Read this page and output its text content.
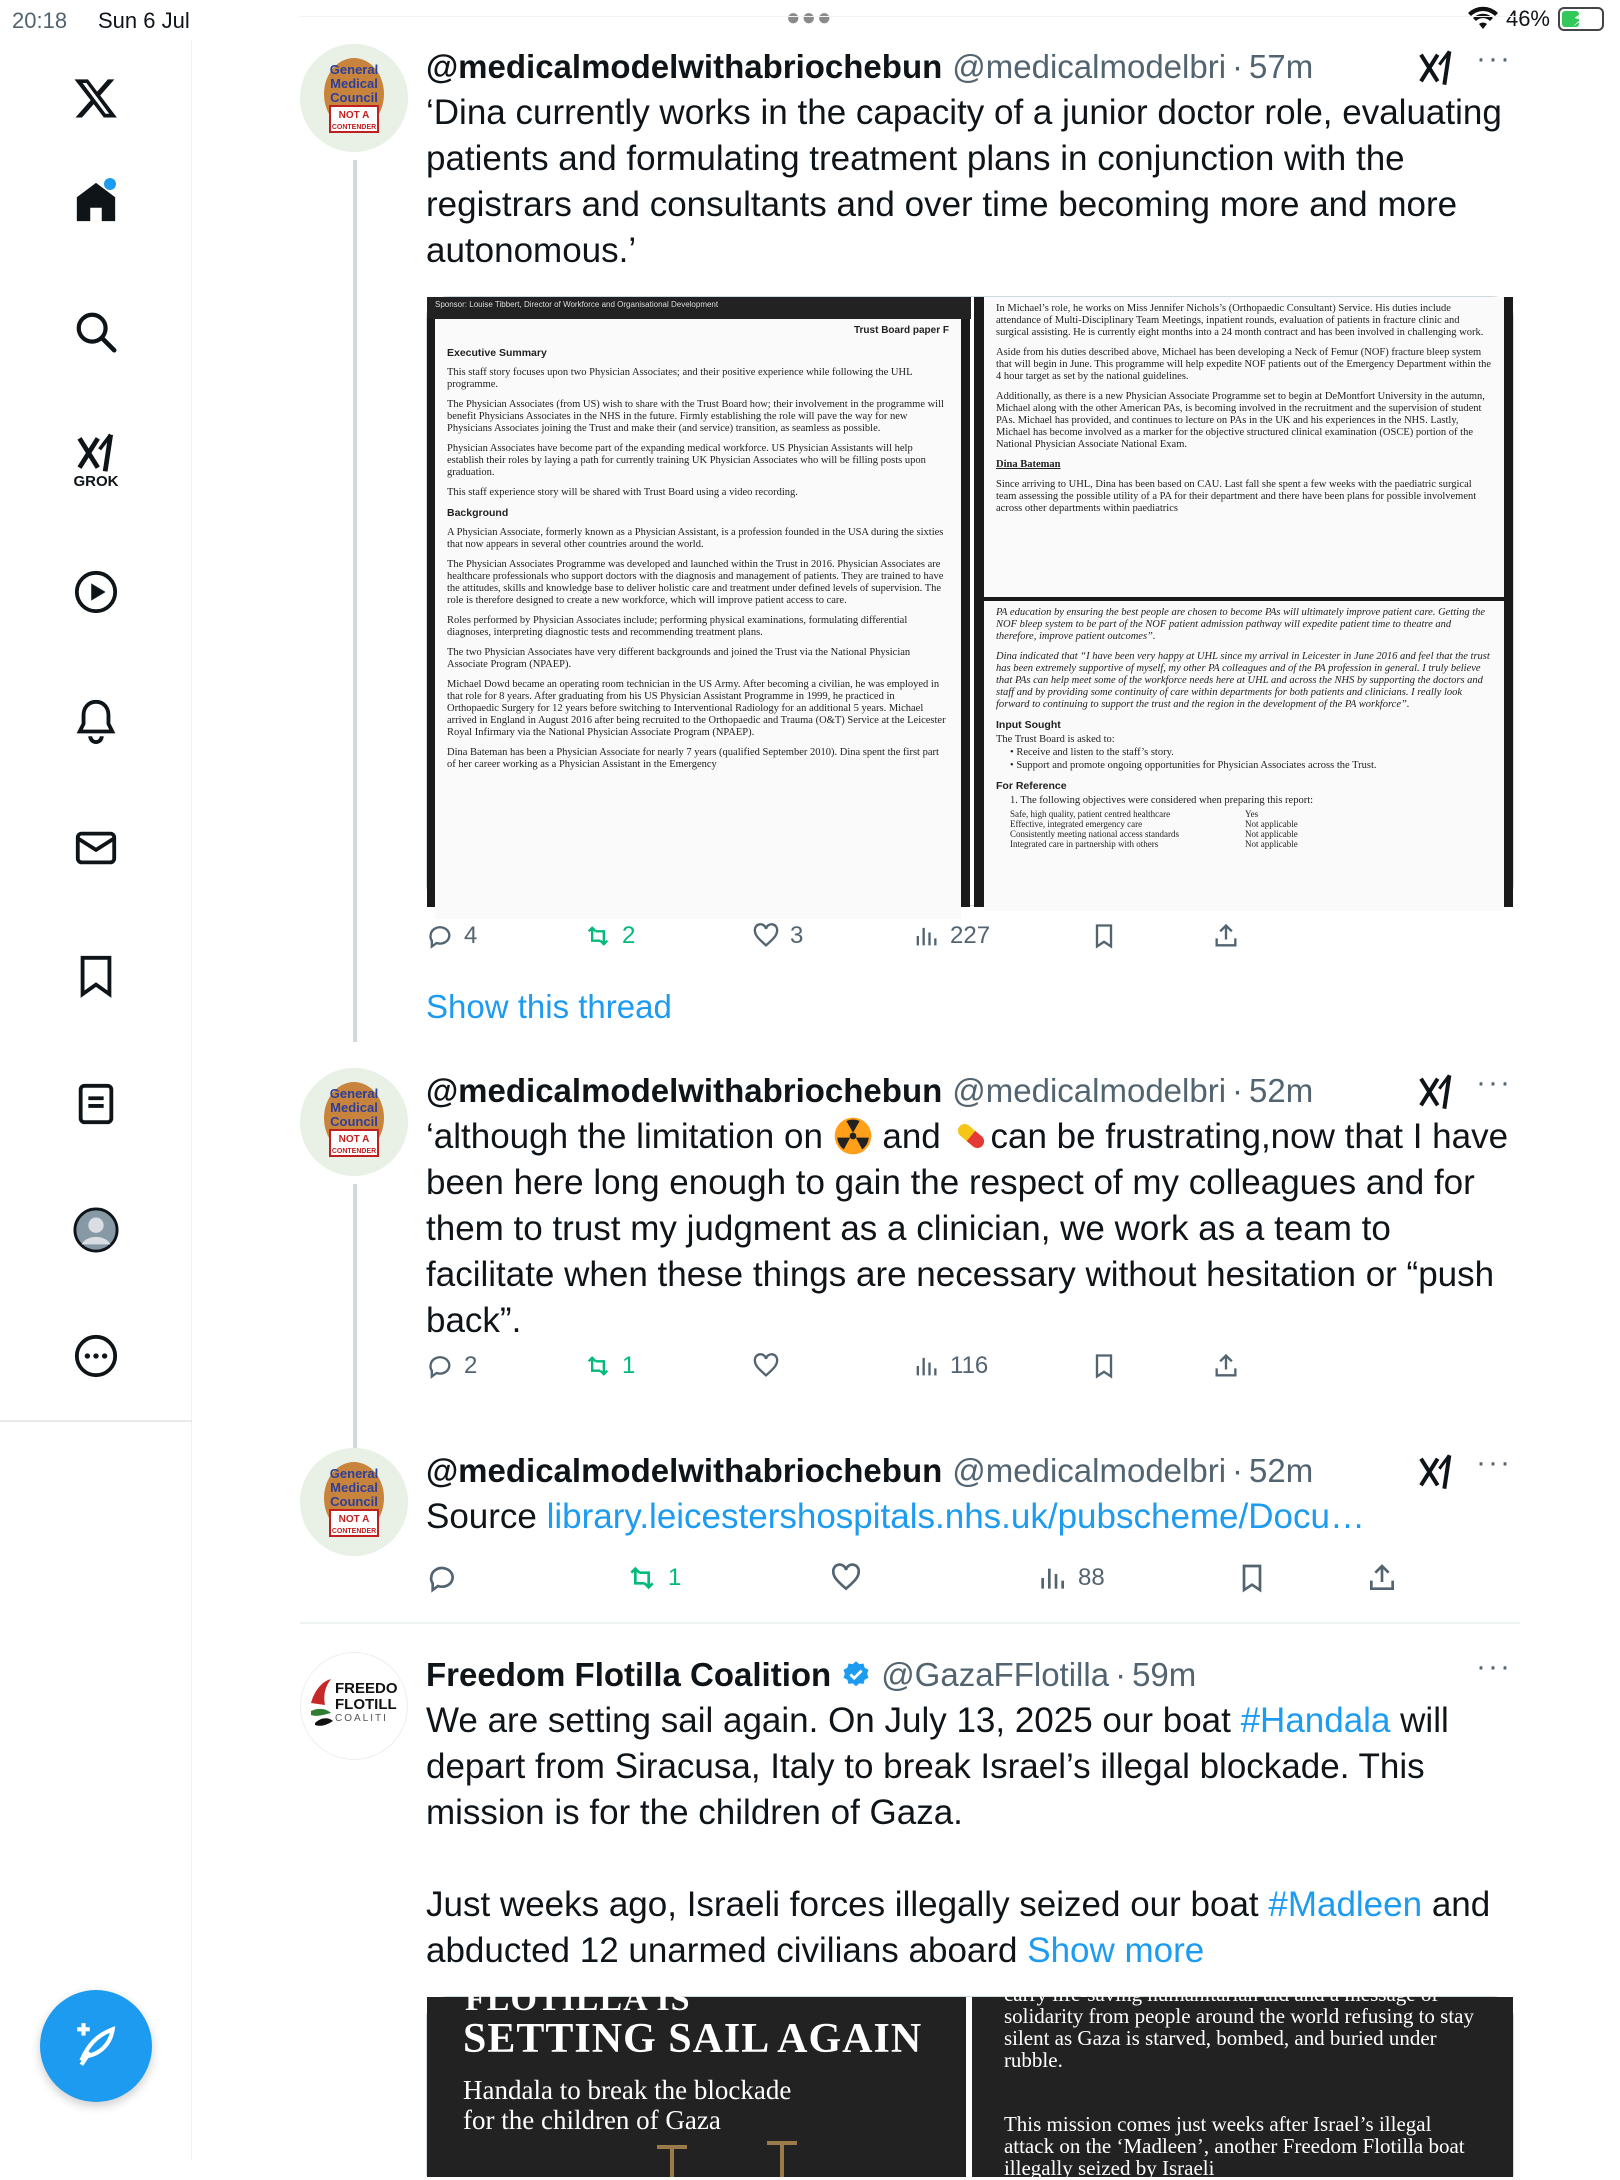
20:18 Sun 6 Jul	●●●	46% ⚡
GROK
General
Medical
Council
NOT A
CONTENDER
@medicalmodelwithabriochebun @medicalmodelbri · 57m	···
‘Dina currently works in the capacity of a junior doctor role, evaluating patients and formulating treatment plans in conjunction with the registrars and consultants and over time becoming more and more autonomous.’
Sponsor: Louise Tibbert, Director of Workforce and Organisational Development
Trust Board paper F

Executive Summary

This staff story focuses upon two Physician Associates; and their positive experience while following the UHL programme.

The Physician Associates (from US) wish to share with the Trust Board how; their involvement in the programme will benefit Physicians Associates in the NHS in the future. Firmly establishing the role will pave the way for new Physicians Associates joining the Trust and make their (and service) transition, as seamless as possible.

Physician Associates have become part of the expanding medical workforce. US Physician Assistants will help establish their roles by laying a path for currently training UK Physician Associates who will be filling posts upon graduation.

This staff experience story will be shared with Trust Board using a video recording.

Background

A Physician Associate, formerly known as a Physician Assistant, is a profession founded in the USA during the sixties that now appears in several other countries around the world.

The Physician Associates Programme was developed and launched within the Trust in 2016. Physician Associates are healthcare professionals who support doctors with the diagnosis and management of patients. They are trained to have the attitudes, skills and knowledge base to deliver holistic care and treatment under defined levels of supervision. The role is therefore designed to create a new workforce, which will improve patient access to care.

Roles performed by Physician Associates include; performing physical examinations, formulating differential diagnoses, interpreting diagnostic tests and recommending treatment plans.

The two Physician Associates have very different backgrounds and joined the Trust via the National Physician Associate Program (NPAEP).

Michael Dowd became an operating room technician in the US Army. After becoming a civilian, he was employed in that role for 8 years. After graduating from his US Physician Assistant Programme in 1999, he practiced in Orthopaedic Surgery for 12 years before switching to Interventional Radiology for an additional 5 years. Michael arrived in England in August 2016 after being recruited to the Orthopaedic and Trauma (O&T) Service at the Leicester Royal Infirmary via the National Physician Associate Program (NPAEP).

Dina Bateman has been a Physician Associate for nearly 7 years (qualified September 2010). Dina spent the first part of her career working as a Physician Assistant in the Emergency

In Michael’s role, he works on Miss Jennifer Nichols’s (Orthopaedic Consultant) Service. His duties include attendance of Multi-Disciplinary Team Meetings, inpatient rounds, evaluation of patients in fracture clinic and surgical assisting. He is currently eight months into a 24 month contract and has been involved in challenging work.

Aside from his duties described above, Michael has been developing a Neck of Femur (NOF) fracture bleep system that will begin in June. This programme will help expedite NOF patients out of the Emergency Department within the 4 hour target as set by the national guidelines.

Additionally, as there is a new Physician Associate Programme set to begin at DeMontfort University in the autumn, Michael along with the other American PAs, is becoming involved in the recruitment and the supervision of student PAs. Michael has provided, and continues to lecture on PAs in the UK and his experiences in the NHS. Lastly, Michael has become involved as a marker for the objective structured clinical examination (OSCE) portion of the National Physician Associate National Exam.

Dina Bateman

Since arriving to UHL, Dina has been based on CAU. Last fall she spent a few weeks with the paediatric surgical team assessing the possible utility of a PA for their department and there have been plans for possible involvement across other departments within paediatrics

PA education by ensuring the best people are chosen to become PAs will ultimately improve patient care. Getting the NOF bleep system to be part of the NOF patient admission pathway will expedite patient time to theatre and therefore, improve patient outcomes”.

Dina indicated that “I have been very happy at UHL since my arrival in Leicester in June 2016 and feel that the trust has been extremely supportive of myself, my other PA colleagues and of the PA profession in general. I truly believe that PAs can help meet some of the workforce needs here at UHL and across the NHS by supporting the doctors and staff and by providing some continuity of care within departments for both patients and clinicians. I really look forward to continuing to support the trust and the region in the development of the PA workforce”.

Input Sought

The Trust Board is asked to:

• Receive and listen to the staff’s story.

• Support and promote ongoing opportunities for Physician Associates across the Trust.

For Reference

1. The following objectives were considered when preparing this report:

Safe, high quality, patient centred healthcare	Yes
Effective, integrated emergency care	Not applicable
Consistently meeting national access standards	Not applicable
Integrated care in partnership with others	Not applicable
4	2	3	227
Show this thread
General
Medical
Council
NOT A
CONTENDER
@medicalmodelwithabriochebun @medicalmodelbri · 52m	···
‘although the limitation on  and can be frustrating,now that I have been here long enough to gain the respect of my colleagues and for them to trust my judgment as a clinician, we work as a team to facilitate when these things are necessary without hesitation or “push back”.
2	1	116
General
Medical
Council
NOT A
CONTENDER
@medicalmodelwithabriochebun @medicalmodelbri · 52m	···
Source library.leicestershospitals.nhs.uk/pubscheme/Docu…
1	88
FREEDO
FLOTILL
COALITI
Freedom Flotilla Coalition @GazaFFlotilla · 59m	···
We are setting sail again. On July 13, 2025 our boat #Handala will depart from Siracusa, Italy to break Israel’s illegal blockade. This mission is for the children of Gaza.
Just weeks ago, Israeli forces illegally seized our boat #Madleen and abducted 12 unarmed civilians aboard Show more
FLOTILLA IS
SETTING SAIL AGAIN
Handala to break the blockade
for the children of Gaza
carry life-saving humanitarian aid and a message of solidarity from people around the world refusing to stay silent as Gaza is starved, bombed, and buried under rubble.
This mission comes just weeks after Israel’s illegal attack on the ‘Madleen’, another Freedom Flotilla boat illegally seized by Israeli
